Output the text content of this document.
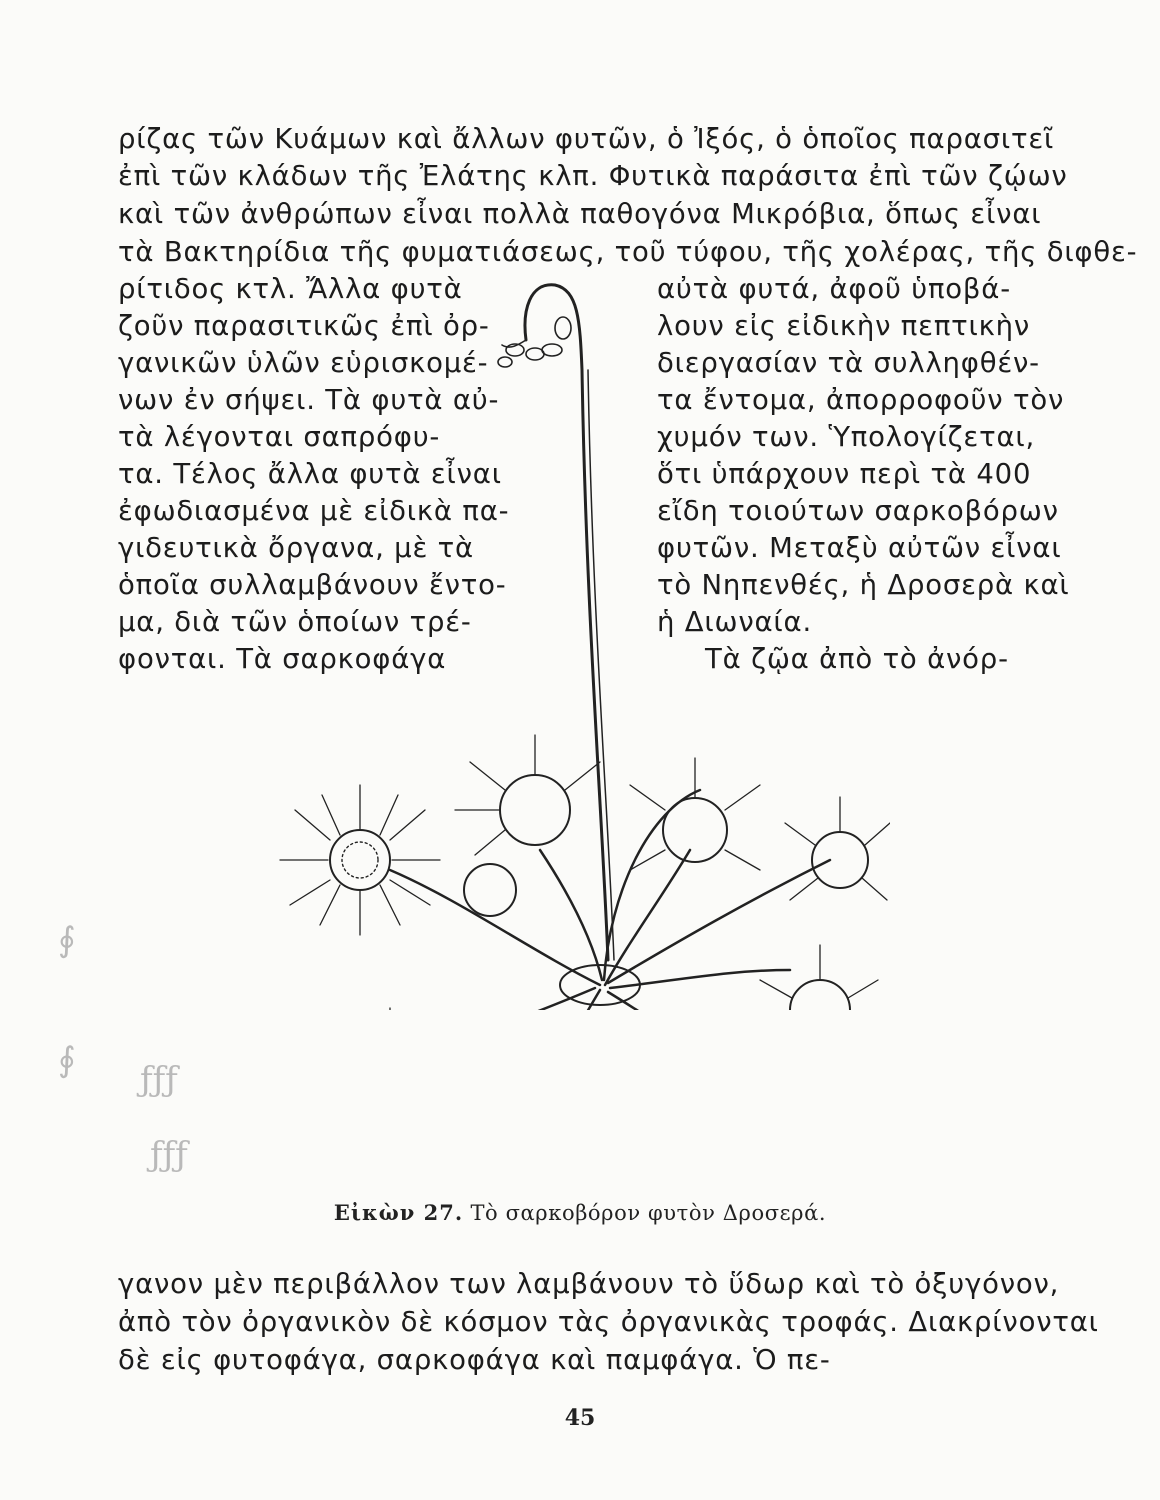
ρίζας τῶν Κυάμων καὶ ἄλλων φυτῶν, ὁ Ἰξός, ὁ ὁποῖος παρασιτεῖ
ἐπὶ τῶν κλάδων τῆς Ἐλάτης κλπ. Φυτικὰ παράσιτα ἐπὶ τῶν ζῴων
καὶ τῶν ἀνθρώπων εἶναι πολλὰ παθογόνα Μικρόβια, ὅπως εἶναι
τὰ Βακτηρίδια τῆς φυματιάσεως, τοῦ τύφου, τῆς χολέρας, τῆς διφθε-
ρίτιδος κτλ. Ἄλλα φυτὰ
ζοῦν παρασιτικῶς ἐπὶ ὀρ-
γανικῶν ὑλῶν εὑρισκομέ-
νων ἐν σήψει. Τὰ φυτὰ αὐ-
τὰ λέγονται σαπρόφυ-
τα. Τέλος ἄλλα φυτὰ εἶναι
ἐφωδιασμένα μὲ εἰδικὰ πα-
γιδευτικὰ ὄργανα, μὲ τὰ
ὁποῖα συλλαμβάνουν ἔντο-
μα, διὰ τῶν ὁποίων τρέ-
φονται. Τὰ σαρκοφάγα
αὐτὰ φυτά, ἀφοῦ ὑποβά-
λουν εἰς εἰδικὴν πεπτικὴν
διεργασίαν τὰ συλληφθέν-
τα ἔντομα, ἀπορροφοῦν τὸν
χυμόν των. Ὑπολογίζεται,
ὅτι ὑπάρχουν περὶ τὰ 400
εἴδη τοιούτων σαρκοβόρων
φυτῶν. Μεταξὺ αὐτῶν εἶναι
τὸ Νηπενθές, ἡ Δροσερὰ καὶ
ἡ Διωναία.
Τὰ ζῷα ἀπὸ τὸ ἀνόρ-
∮
∮ ƒƒƒ
ƒƒƒ
Εἰκὼν 27. Τὸ σαρκοβόρον φυτὸν Δροσερά.
γανον μὲν περιβάλλον των λαμβάνουν τὸ ὕδωρ καὶ τὸ ὀξυγόνον,
ἀπὸ τὸν ὀργανικὸν δὲ κόσμον τὰς ὀργανικὰς τροφάς. Διακρίνονται
δὲ εἰς φυτοφάγα, σαρκοφάγα καὶ παμφάγα. Ὁ πε-
45
